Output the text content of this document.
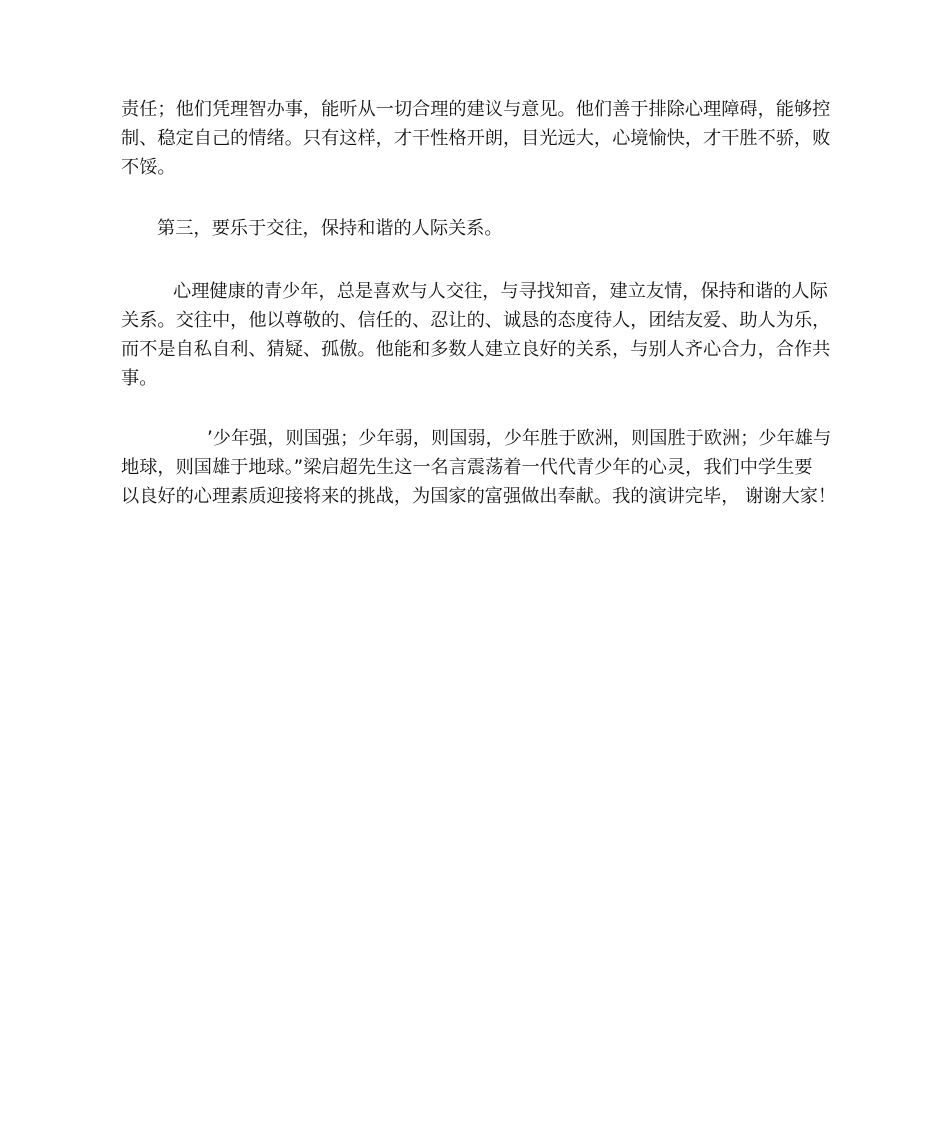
责任；他们凭理智办事，能听从一切合理的建议与意见。他们善于排除心理障碍，能够控
制、稳定自己的情绪。只有这样，才干性格开朗，目光远大，心境愉快，才干胜不骄，败
不馁。

第三，要乐于交往，保持和谐的人际关系。

心理健康的青少年，总是喜欢与人交往，与寻找知音，建立友情，保持和谐的人际
关系。交往中，他以尊敬的、信任的、忍让的、诚恳的态度待人，团结友爱、助人为乐，
而不是自私自利、猜疑、孤傲。他能和多数人建立良好的关系，与别人齐心合力，合作共
事。

’少年强，则国强；少年弱，则国弱，少年胜于欧洲，则国胜于欧洲；少年雄与
地球，则国雄于地球。”梁启超先生这一名言震荡着一代代青少年的心灵，我们中学生要
以良好的心理素质迎接将来的挑战，为国家的富强做出奉献。我的演讲完毕， 谢谢大家！
